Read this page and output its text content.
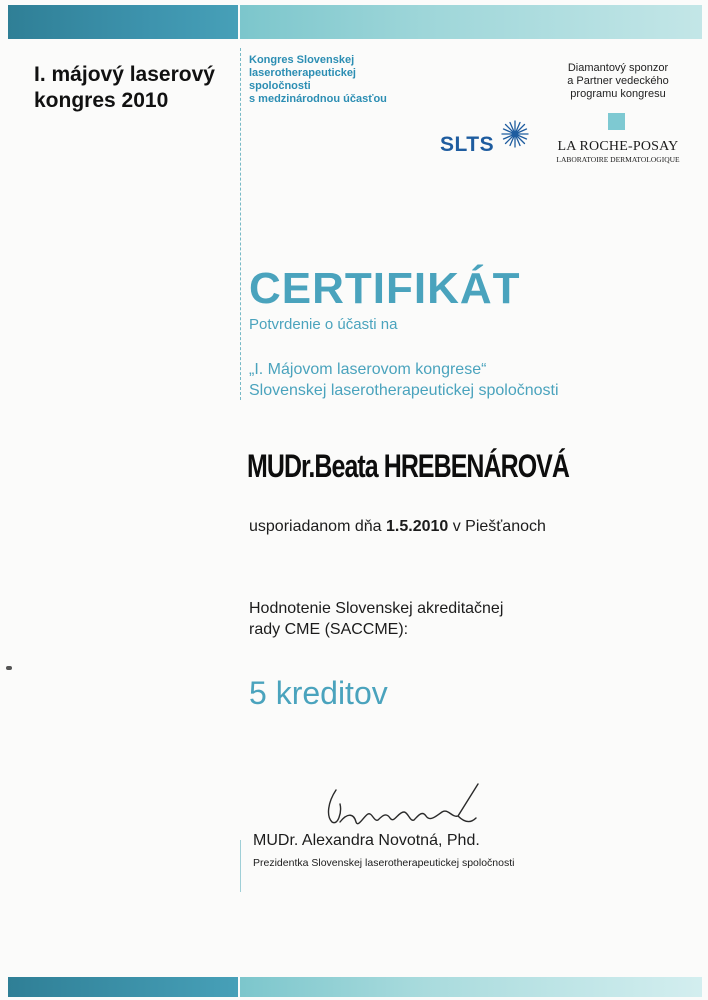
I. májový laserový
kongres 2010
Kongres Slovenskej
laserotherapeutickej
spoločnosti
s medzinárodnou účasťou
Diamantový sponzor
a Partner vedeckého
programu kongresu
LA ROCHE-POSAY
LABORATOIRE DERMATOLOGIQUE
SLTS
CERTIFIKÁT
Potvrdenie o účasti na
„I. Májovom laserovom kongrese“
Slovenskej laserotherapeutickej spoločnosti
MUDr.Beata HREBENÁROVÁ
usporiadanom dňa 1.5.2010 v Piešťanoch
Hodnotenie Slovenskej akreditačnej
rady CME (SACCME):
5 kreditov
MUDr. Alexandra Novotná, Phd.
Prezidentka Slovenskej laserotherapeutickej spoločnosti
